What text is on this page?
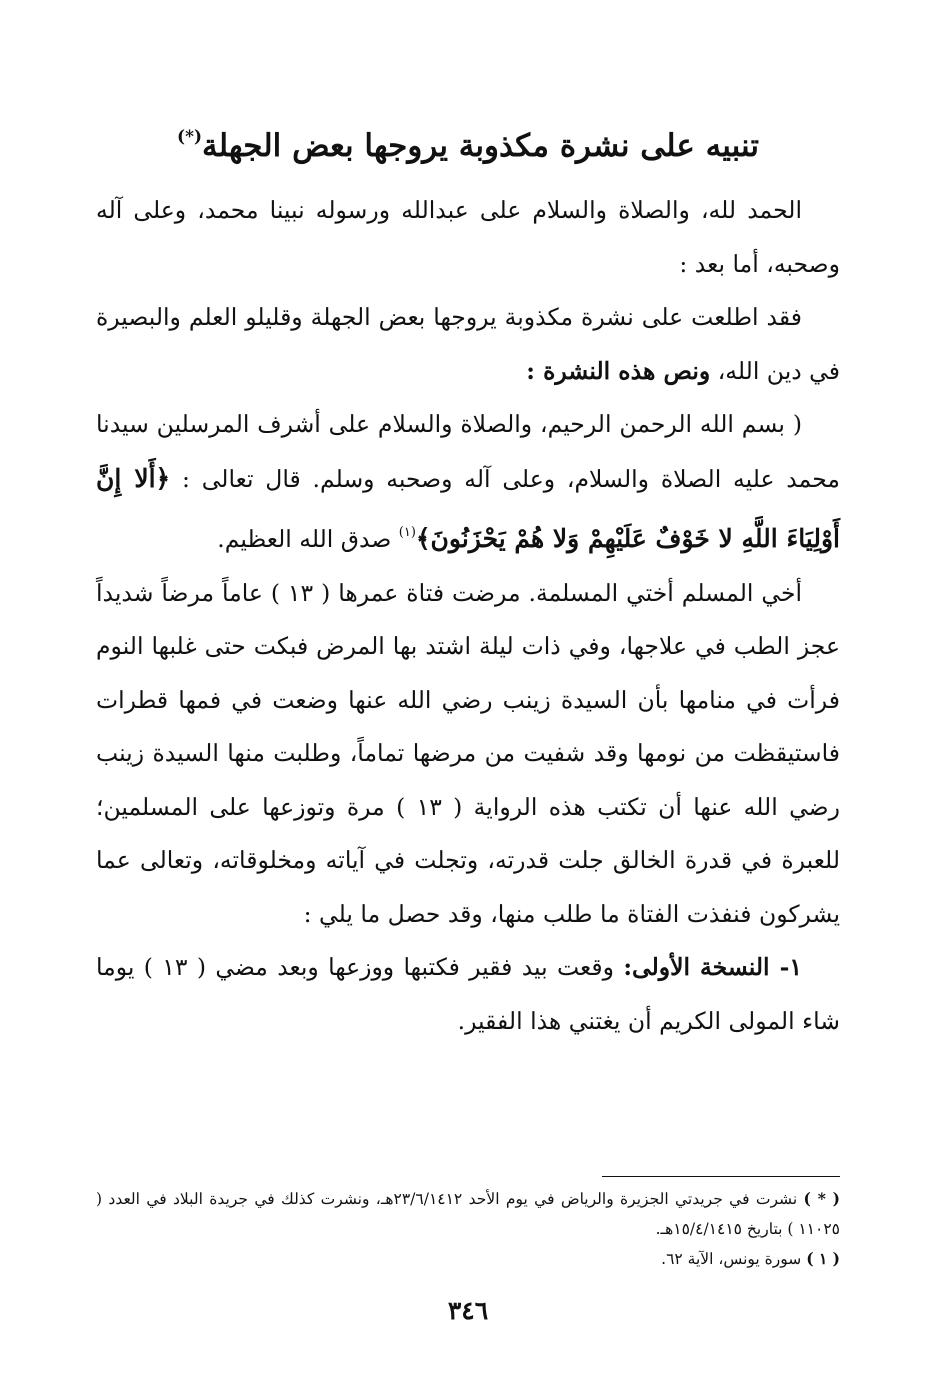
تنبيه على نشرة مكذوبة يروجها بعض الجهلة(*)

الحمد لله، والصلاة والسلام على عبدالله ورسوله نبينا محمد، وعلى آله وصحبه، أما بعد :

فقد اطلعت على نشرة مكذوبة يروجها بعض الجهلة وقليلو العلم والبصيرة في دين الله، ونص هذه النشرة :

( بسم الله الرحمن الرحيم، والصلاة والسلام على أشرف المرسلين سيدنا محمد عليه الصلاة والسلام، وعلى آله وصحبه وسلم. قال تعالى : ﴿أَلا إِنَّ أَوْلِيَاءَ اللَّهِ لا خَوْفٌ عَلَيْهِمْ وَلا هُمْ يَحْزَنُونَ﴾$^{(١)}$ صدق الله العظيم.

أخي المسلم أختي المسلمة. مرضت فتاة عمرها ( ١٣ ) عاماً مرضاً شديداً عجز الطب في علاجها، وفي ذات ليلة اشتد بها المرض فبكت حتى غلبها النوم فرأت في منامها بأن السيدة زينب رضي الله عنها وضعت في فمها قطرات فاستيقظت من نومها وقد شفيت من مرضها تماماً، وطلبت منها السيدة زينب رضي الله عنها أن تكتب هذه الرواية ( ١٣ ) مرة وتوزعها على المسلمين؛ للعبرة في قدرة الخالق جلت قدرته، وتجلت في آياته ومخلوقاته، وتعالى عما يشركون فنفذت الفتاة ما طلب منها، وقد حصل ما يلي :

١- النسخة الأولى: وقعت بيد فقير فكتبها ووزعها وبعد مضي ( ١٣ ) يوما شاء المولى الكريم أن يغتني هذا الفقير.

( * ) نشرت في جريدتي الجزيرة والرياض في يوم الأحد ٢٣/٦/١٤١٢هـ، ونشرت كذلك في جريدة البلاد في العدد ( ١١٠٢٥ ) بتاريخ ١٥/٤/١٤١٥هـ.

( ١ ) سورة يونس، الآية ٦٢.

٣٤٦
